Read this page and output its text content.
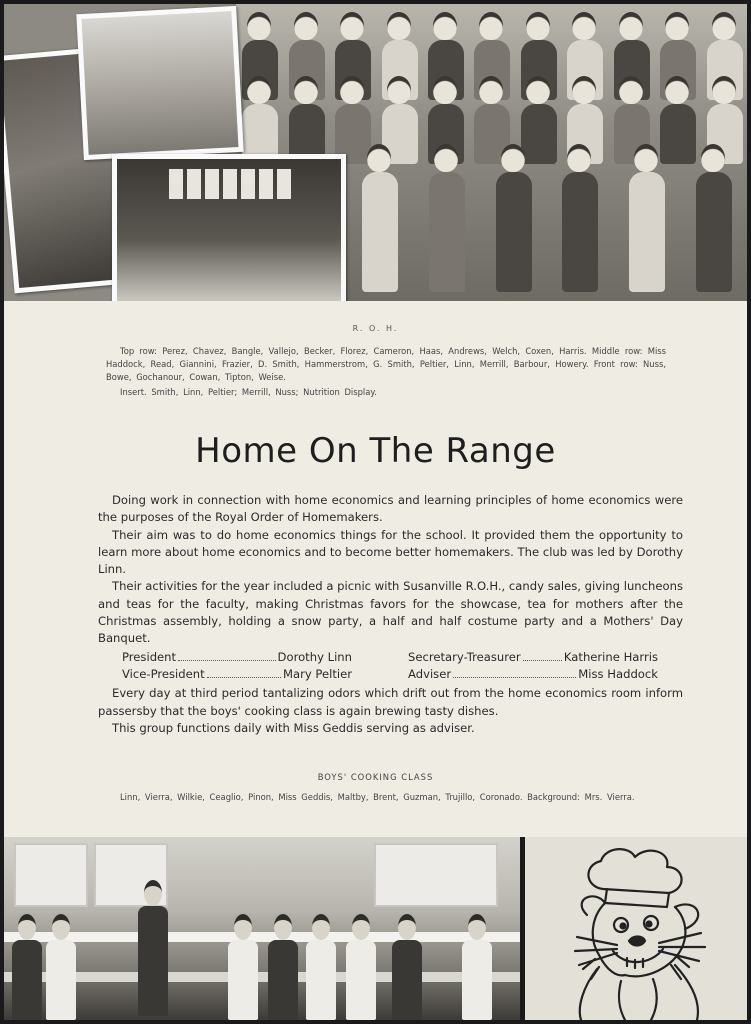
R. O. H.

Top row: Perez, Chavez, Bangle, Vallejo, Becker, Florez, Cameron, Haas, Andrews, Welch, Coxen, Harris. Middle row: Miss Haddock, Read, Giannini, Frazier, D. Smith, Hammerstrom, G. Smith, Peltier, Linn, Merrill, Barbour, Howery. Front row: Nuss, Bowe, Gochanour, Cowan, Tipton, Weise.

Insert. Smith, Linn, Peltier; Merrill, Nuss; Nutrition Display.

Home On The Range

Doing work in connection with home economics and learning principles of home economics were the purposes of the Royal Order of Homemakers.

Their aim was to do home economics things for the school. It provided them the opportunity to learn more about home economics and to become better homemakers. The club was led by Dorothy Linn.

Their activities for the year included a picnic with Susanville R.O.H., candy sales, giving luncheons and teas for the faculty, making Christmas favors for the showcase, tea for mothers after the Christmas assembly, holding a snow party, a half and half costume party and a Mothers' Day Banquet.

President	Dorothy Linn	Secretary-Treasurer	Katherine Harris
Vice-President	Mary Peltier	Adviser	Miss Haddock

Every day at third period tantalizing odors which drift out from the home economics room inform passersby that the boys' cooking class is again brewing tasty dishes.

This group functions daily with Miss Geddis serving as adviser.

BOYS' COOKING CLASS

Linn, Vierra, Wilkie, Ceaglio, Pinon, Miss Geddis, Maltby, Brent, Guzman, Trujillo, Coronado. Background: Mrs. Vierra.
